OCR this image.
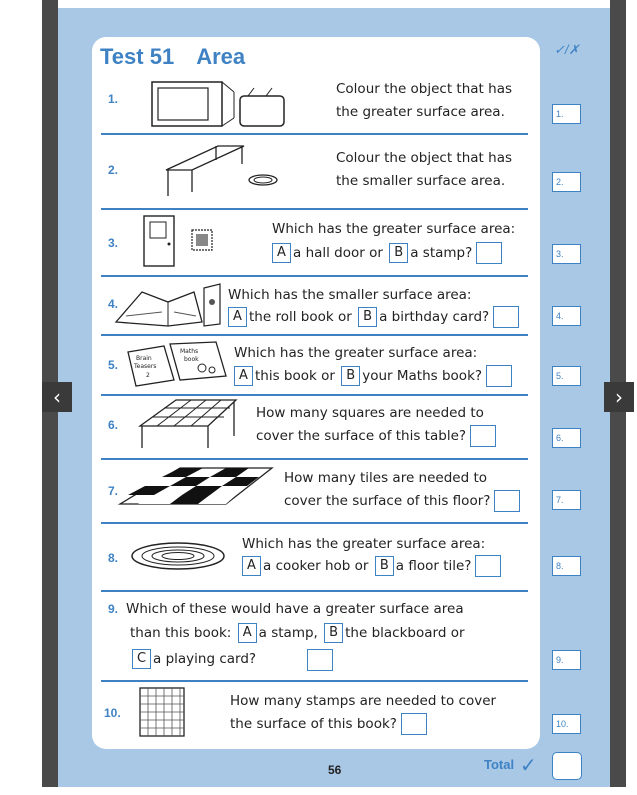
Test 51 Area	✓/✗
1.
Colour the object that has
the greater surface area.	1.
2.
Colour the object that has
the smaller surface area.	2.
3.
Which has the greater surface area:
A a hall door or B a stamp?	3.
4.
Which has the smaller surface area:
A the roll book or B a birthday card?	4.
5.	Brain
Teasers
2
Maths
book	Which has the greater surface area:
A this book or B your Maths book?	5.
6.
How many squares are needed to
cover the surface of this table?	6.
7.
How many tiles are needed to
cover the surface of this floor?	7.
8.
Which has the greater surface area:
A a cooker hob or B a floor tile?	8.
9. Which of these would have a greater surface area
than this book: A a stamp, B the blackboard or
C a playing card?	9.
10.
How many stamps are needed to cover
the surface of this book?	10.
56	Total ✓
‹	›
